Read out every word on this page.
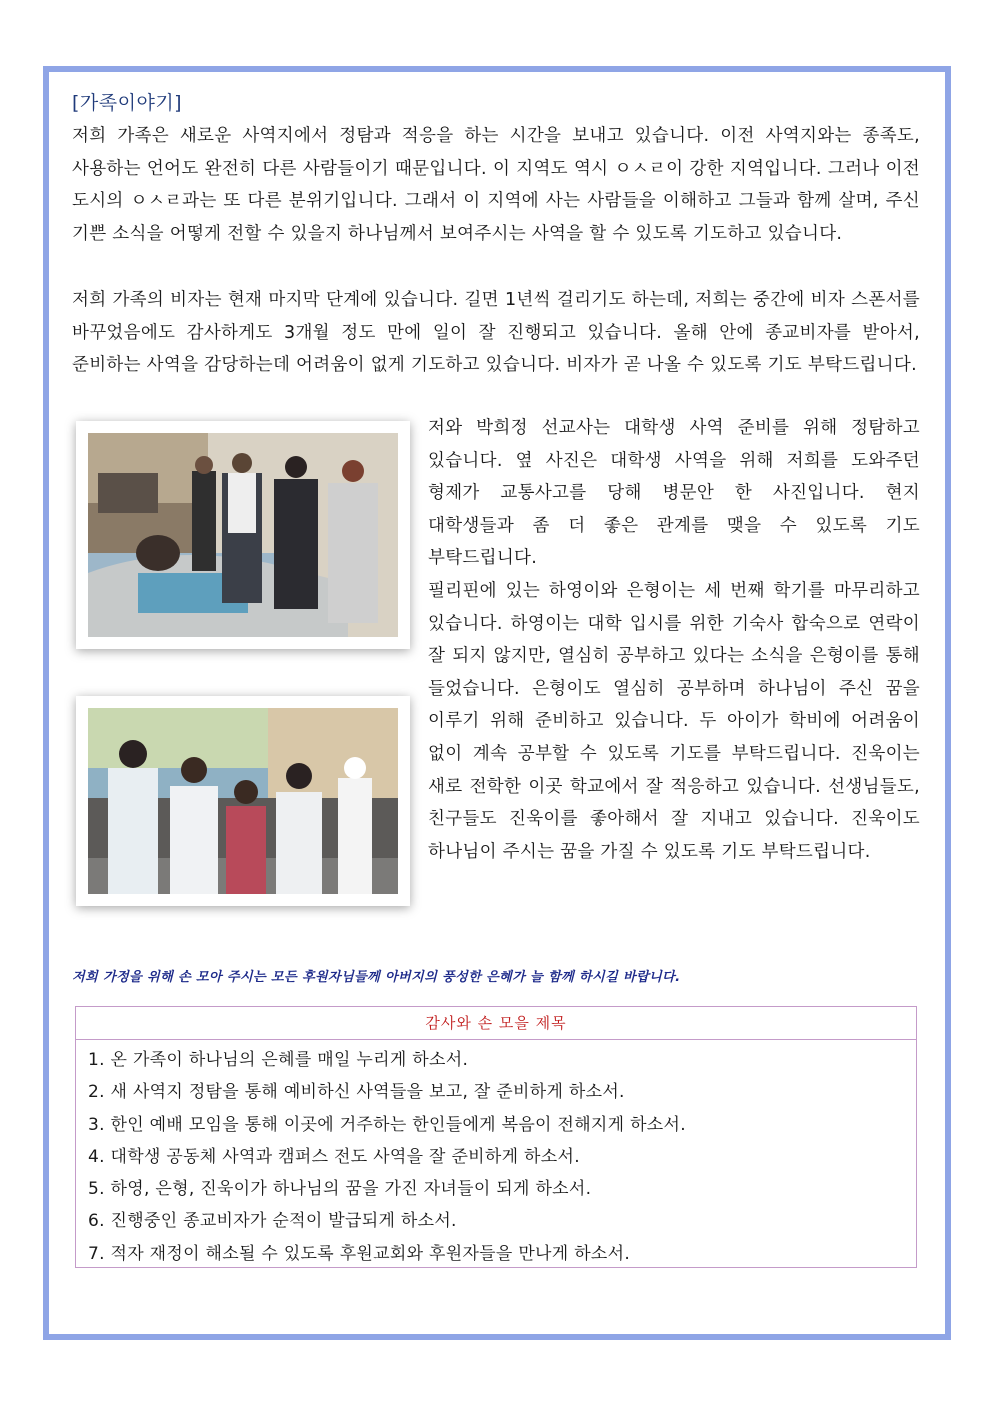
[가족이야기]

저희 가족은 새로운 사역지에서 정탐과 적응을 하는 시간을 보내고 있습니다. 이전 사역지와는 종족도, 사용하는 언어도 완전히 다른 사람들이기 때문입니다. 이 지역도 역시 ㅇㅅㄹ이 강한 지역입니다. 그러나 이전 도시의 ㅇㅅㄹ과는 또 다른 분위기입니다. 그래서 이 지역에 사는 사람들을 이해하고 그들과 함께 살며, 주신 기쁜 소식을 어떻게 전할 수 있을지 하나님께서 보여주시는 사역을 할 수 있도록 기도하고 있습니다.

저희 가족의 비자는 현재 마지막 단계에 있습니다. 길면 1년씩 걸리기도 하는데, 저희는 중간에 비자 스폰서를 바꾸었음에도 감사하게도 3개월 정도 만에 일이 잘 진행되고 있습니다. 올해 안에 종교비자를 받아서, 준비하는 사역을 감당하는데 어려움이 없게 기도하고 있습니다. 비자가 곧 나올 수 있도록 기도 부탁드립니다.

저와 박희정 선교사는 대학생 사역 준비를 위해 정탐하고 있습니다. 옆 사진은 대학생 사역을 위해 저희를 도와주던 형제가 교통사고를 당해 병문안 한 사진입니다. 현지 대학생들과 좀 더 좋은 관계를 맺을 수 있도록 기도 부탁드립니다.
필리핀에 있는 하영이와 은형이는 세 번째 학기를 마무리하고 있습니다. 하영이는 대학 입시를 위한 기숙사 합숙으로 연락이 잘 되지 않지만, 열심히 공부하고 있다는 소식을 은형이를 통해 들었습니다. 은형이도 열심히 공부하며 하나님이 주신 꿈을 이루기 위해 준비하고 있습니다. 두 아이가 학비에 어려움이 없이 계속 공부할 수 있도록 기도를 부탁드립니다. 진욱이는 새로 전학한 이곳 학교에서 잘 적응하고 있습니다. 선생님들도, 친구들도 진욱이를 좋아해서 잘 지내고 있습니다. 진욱이도 하나님이 주시는 꿈을 가질 수 있도록 기도 부탁드립니다.
저희 가정을 위해 손 모아 주시는 모든 후원자님들께 아버지의 풍성한 은혜가 늘 함께 하시길 바랍니다.
감사와 손 모을 제목
1. 온 가족이 하나님의 은혜를 매일 누리게 하소서.
2. 새 사역지 정탐을 통해 예비하신 사역들을 보고, 잘 준비하게 하소서.
3. 한인 예배 모임을 통해 이곳에 거주하는 한인들에게 복음이 전해지게 하소서.
4. 대학생 공동체 사역과 캠퍼스 전도 사역을 잘 준비하게 하소서.
5. 하영, 은형, 진욱이가 하나님의 꿈을 가진 자녀들이 되게 하소서.
6. 진행중인 종교비자가 순적이 발급되게 하소서.
7. 적자 재정이 해소될 수 있도록 후원교회와 후원자들을 만나게 하소서.
